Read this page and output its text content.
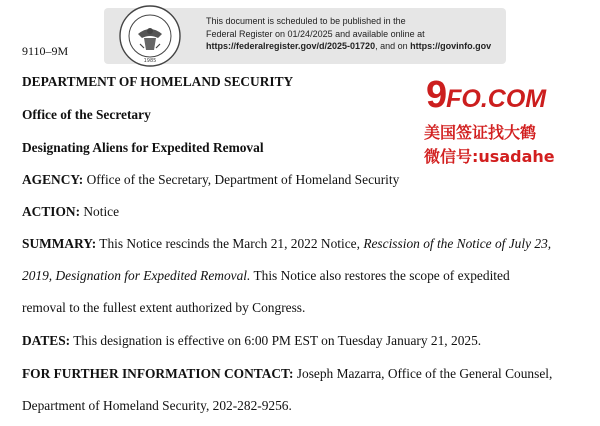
1985
This document is scheduled to be published in the
Federal Register on 01/24/2025 and available online at
https://federalregister.gov/d/2025-01720, and on https://govinfo.gov
9110–9M
DEPARTMENT OF HOMELAND SECURITY
Office of the Secretary
Designating Aliens for Expedited Removal
AGENCY: Office of the Secretary, Department of Homeland Security
ACTION: Notice
SUMMARY: This Notice rescinds the March 21, 2022 Notice, Rescission of the Notice of July 23,
2019, Designation for Expedited Removal. This Notice also restores the scope of expedited
removal to the fullest extent authorized by Congress.
DATES: This designation is effective on 6:00 PM EST on Tuesday January 21, 2025.
FOR FURTHER INFORMATION CONTACT: Joseph Mazarra, Office of the General Counsel,
Department of Homeland Security, 202-282-9256.
9FO.COM
美国签证找大鹤
微信号:usadahe
